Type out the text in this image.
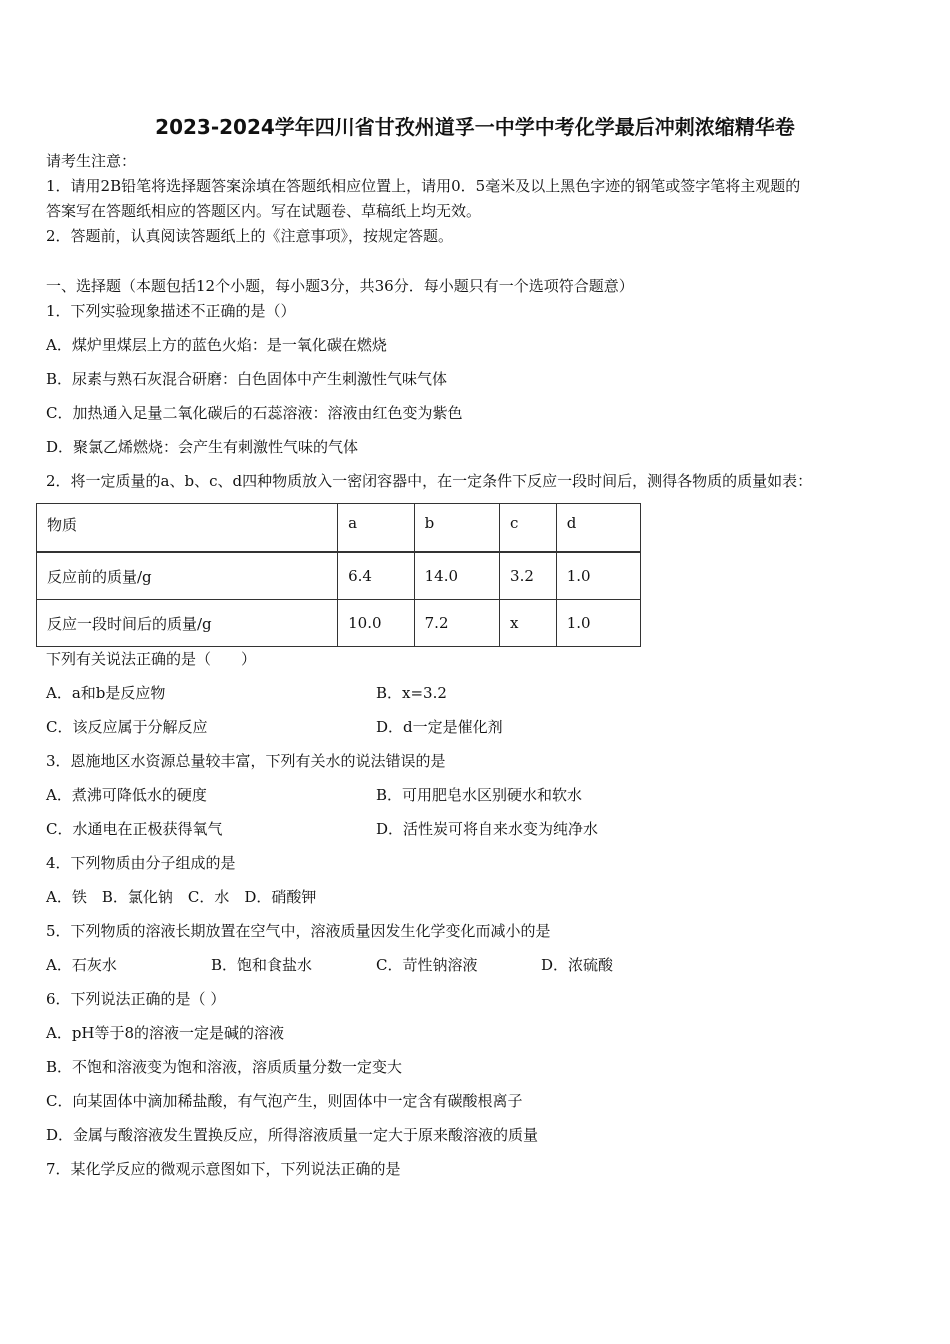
2023-2024学年四川省甘孜州道孚一中学中考化学最后冲刺浓缩精华卷
请考生注意：
1．请用2B铅笔将选择题答案涂填在答题纸相应位置上，请用0．5毫米及以上黑色字迹的钢笔或签字笔将主观题的
答案写在答题纸相应的答题区内。写在试题卷、草稿纸上均无效。
2．答题前，认真阅读答题纸上的《注意事项》，按规定答题。
一、选择题（本题包括12个小题，每小题3分，共36分．每小题只有一个选项符合题意）
1．下列实验现象描述不正确的是（）
A．煤炉里煤层上方的蓝色火焰：是一氧化碳在燃烧
B．尿素与熟石灰混合研磨：白色固体中产生刺激性气味气体
C．加热通入足量二氧化碳后的石蕊溶液：溶液由红色变为紫色
D．聚氯乙烯燃烧：会产生有刺激性气味的气体
2．将一定质量的a、b、c、d四种物质放入一密闭容器中，在一定条件下反应一段时间后，测得各物质的质量如表：
物质	a	b	c	d
反应前的质量/g	6.4	14.0	3.2	1.0
反应一段时间后的质量/g	10.0	7.2	x	1.0
下列有关说法正确的是（　　）
A．a和b是反应物	B．x=3.2
C．该反应属于分解反应	D．d一定是催化剂
3．恩施地区水资源总量较丰富，下列有关水的说法错误的是
A．煮沸可降低水的硬度	B．可用肥皂水区别硬水和软水
C．水通电在正极获得氧气	D．活性炭可将自来水变为纯净水
4．下列物质由分子组成的是
A．铁　B．氯化钠　C．水　D．硝酸钾
5．下列物质的溶液长期放置在空气中，溶液质量因发生化学变化而减小的是
A．石灰水	B．饱和食盐水	C．苛性钠溶液	D．浓硫酸
6．下列说法正确的是（ ）
A．pH等于8的溶液一定是碱的溶液
B．不饱和溶液变为饱和溶液，溶质质量分数一定变大
C．向某固体中滴加稀盐酸，有气泡产生，则固体中一定含有碳酸根离子
D．金属与酸溶液发生置换反应，所得溶液质量一定大于原来酸溶液的质量
7．某化学反应的微观示意图如下，下列说法正确的是
